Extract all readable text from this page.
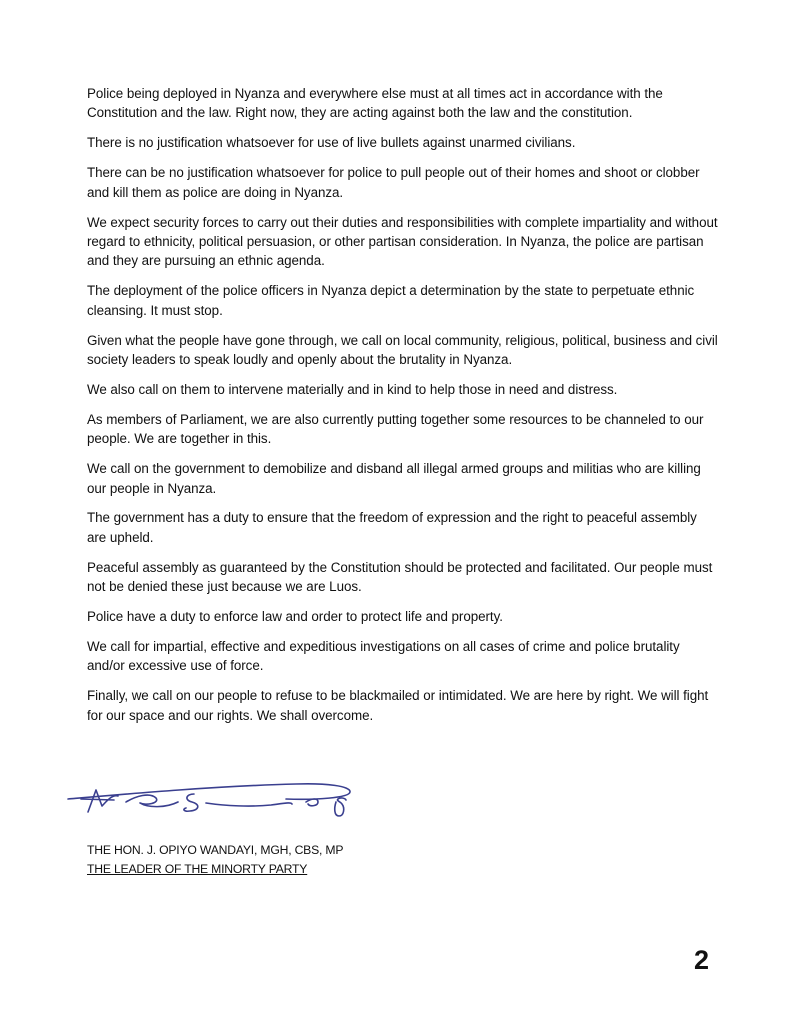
Police being deployed in Nyanza and everywhere else must at all times act in accordance with the Constitution and the law. Right now, they are acting against both the law and the constitution.

There is no justification whatsoever for use of live bullets against unarmed civilians.

There can be no justification whatsoever for police to pull people out of their homes and shoot or clobber and kill them as police are doing in Nyanza.

We expect security forces to carry out their duties and responsibilities with complete impartiality and without regard to ethnicity, political persuasion, or other partisan consideration. In Nyanza, the police are partisan and they are pursuing an ethnic agenda.

The deployment of the police officers in Nyanza depict a determination by the state to perpetuate ethnic cleansing. It must stop.

Given what the people have gone through, we call on local community, religious, political, business and civil society leaders to speak loudly and openly about the brutality in Nyanza.

We also call on them to intervene materially and in kind to help those in need and distress.

As members of Parliament, we are also currently putting together some resources to be channeled to our people. We are together in this.

We call on the government to demobilize and disband all illegal armed groups and militias who are killing our people in Nyanza.

The government has a duty to ensure that the freedom of expression and the right to peaceful assembly are upheld.

Peaceful assembly as guaranteed by the Constitution should be protected and facilitated. Our people must not be denied these just because we are Luos.

Police have a duty to enforce law and order to protect life and property.

We call for impartial, effective and expeditious investigations on all cases of crime and police brutality and/or excessive use of force.

Finally, we call on our people to refuse to be blackmailed or intimidated. We are here by right. We will fight for our space and our rights. We shall overcome.

THE HON. J. OPIYO WANDAYI, MGH, CBS, MP
THE LEADER OF THE MINORTY PARTY
2
